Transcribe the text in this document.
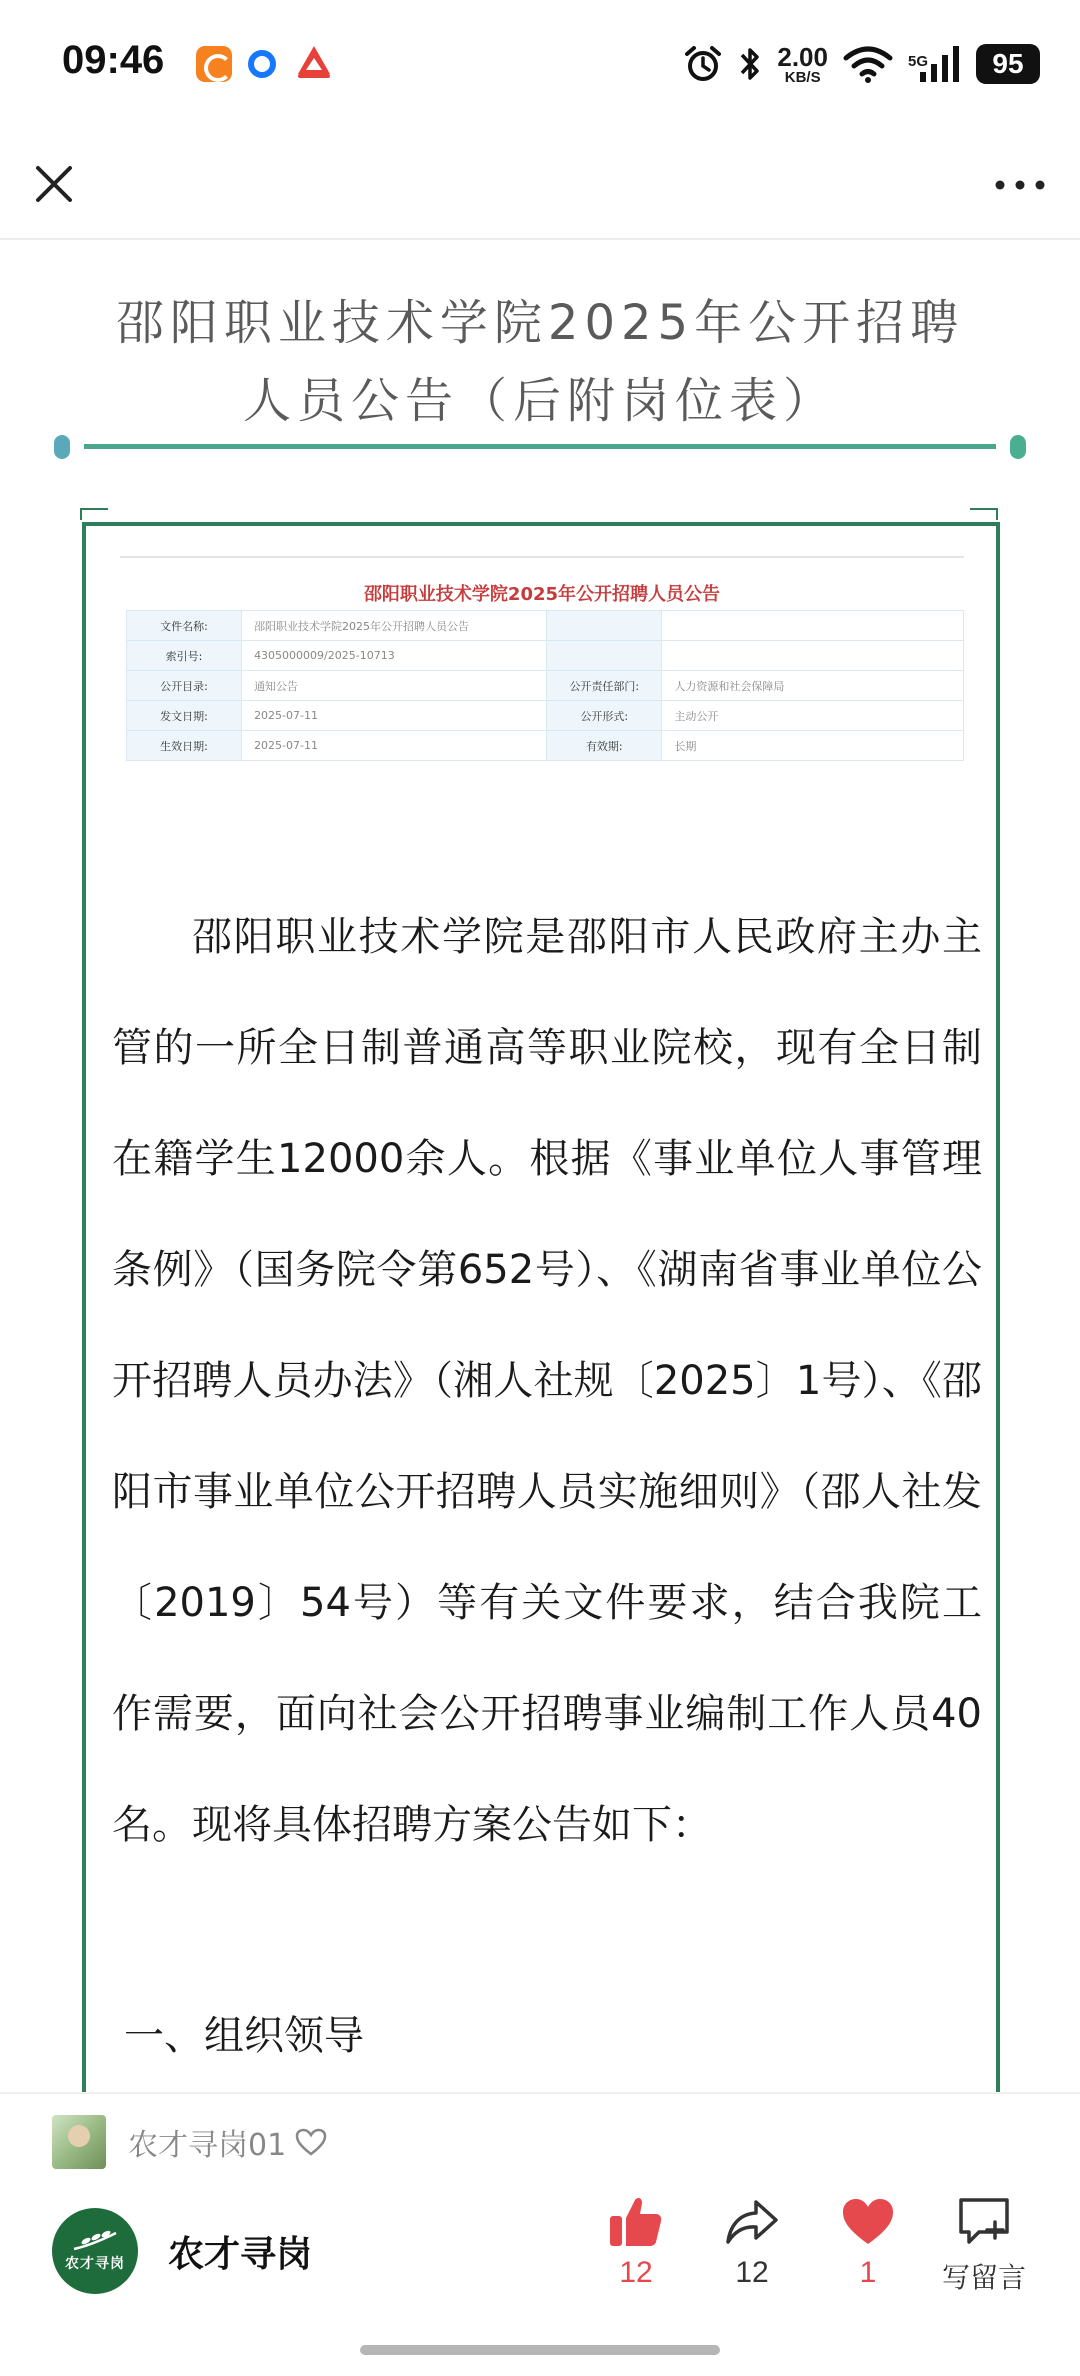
09:46	2.00
KB/S
5G	95
邵阳职业技术学院2025年公开招聘
人员公告（后附岗位表）
邵阳职业技术学院2025年公开招聘人员公告
文件名称:	邵阳职业技术学院2025年公开招聘人员公告		
索引号:	4305000009/2025-10713		
公开目录:	通知公告	公开责任部门:	人力资源和社会保障局
发文日期:	2025-07-11	公开形式:	主动公开
生效日期:	2025-07-11	有效期:	长期

邵阳职业技术学院是邵阳市人民政府主办主管的一所全日制普通高等职业院校，现有全日制在籍学生12000余人。根据《事业单位人事管理条例》（国务院令第652号）、《湖南省事业单位公开招聘人员办法》（湘人社规〔2025〕1号）、《邵阳市事业单位公开招聘人员实施细则》（邵人社发〔2019〕54号）等有关文件要求，结合我院工作需要，面向社会公开招聘事业编制工作人员40名。现将具体招聘方案公告如下：

一、组织领导
农才寻岗01
农才寻岗 农才寻岗	12	12	1	写留言
